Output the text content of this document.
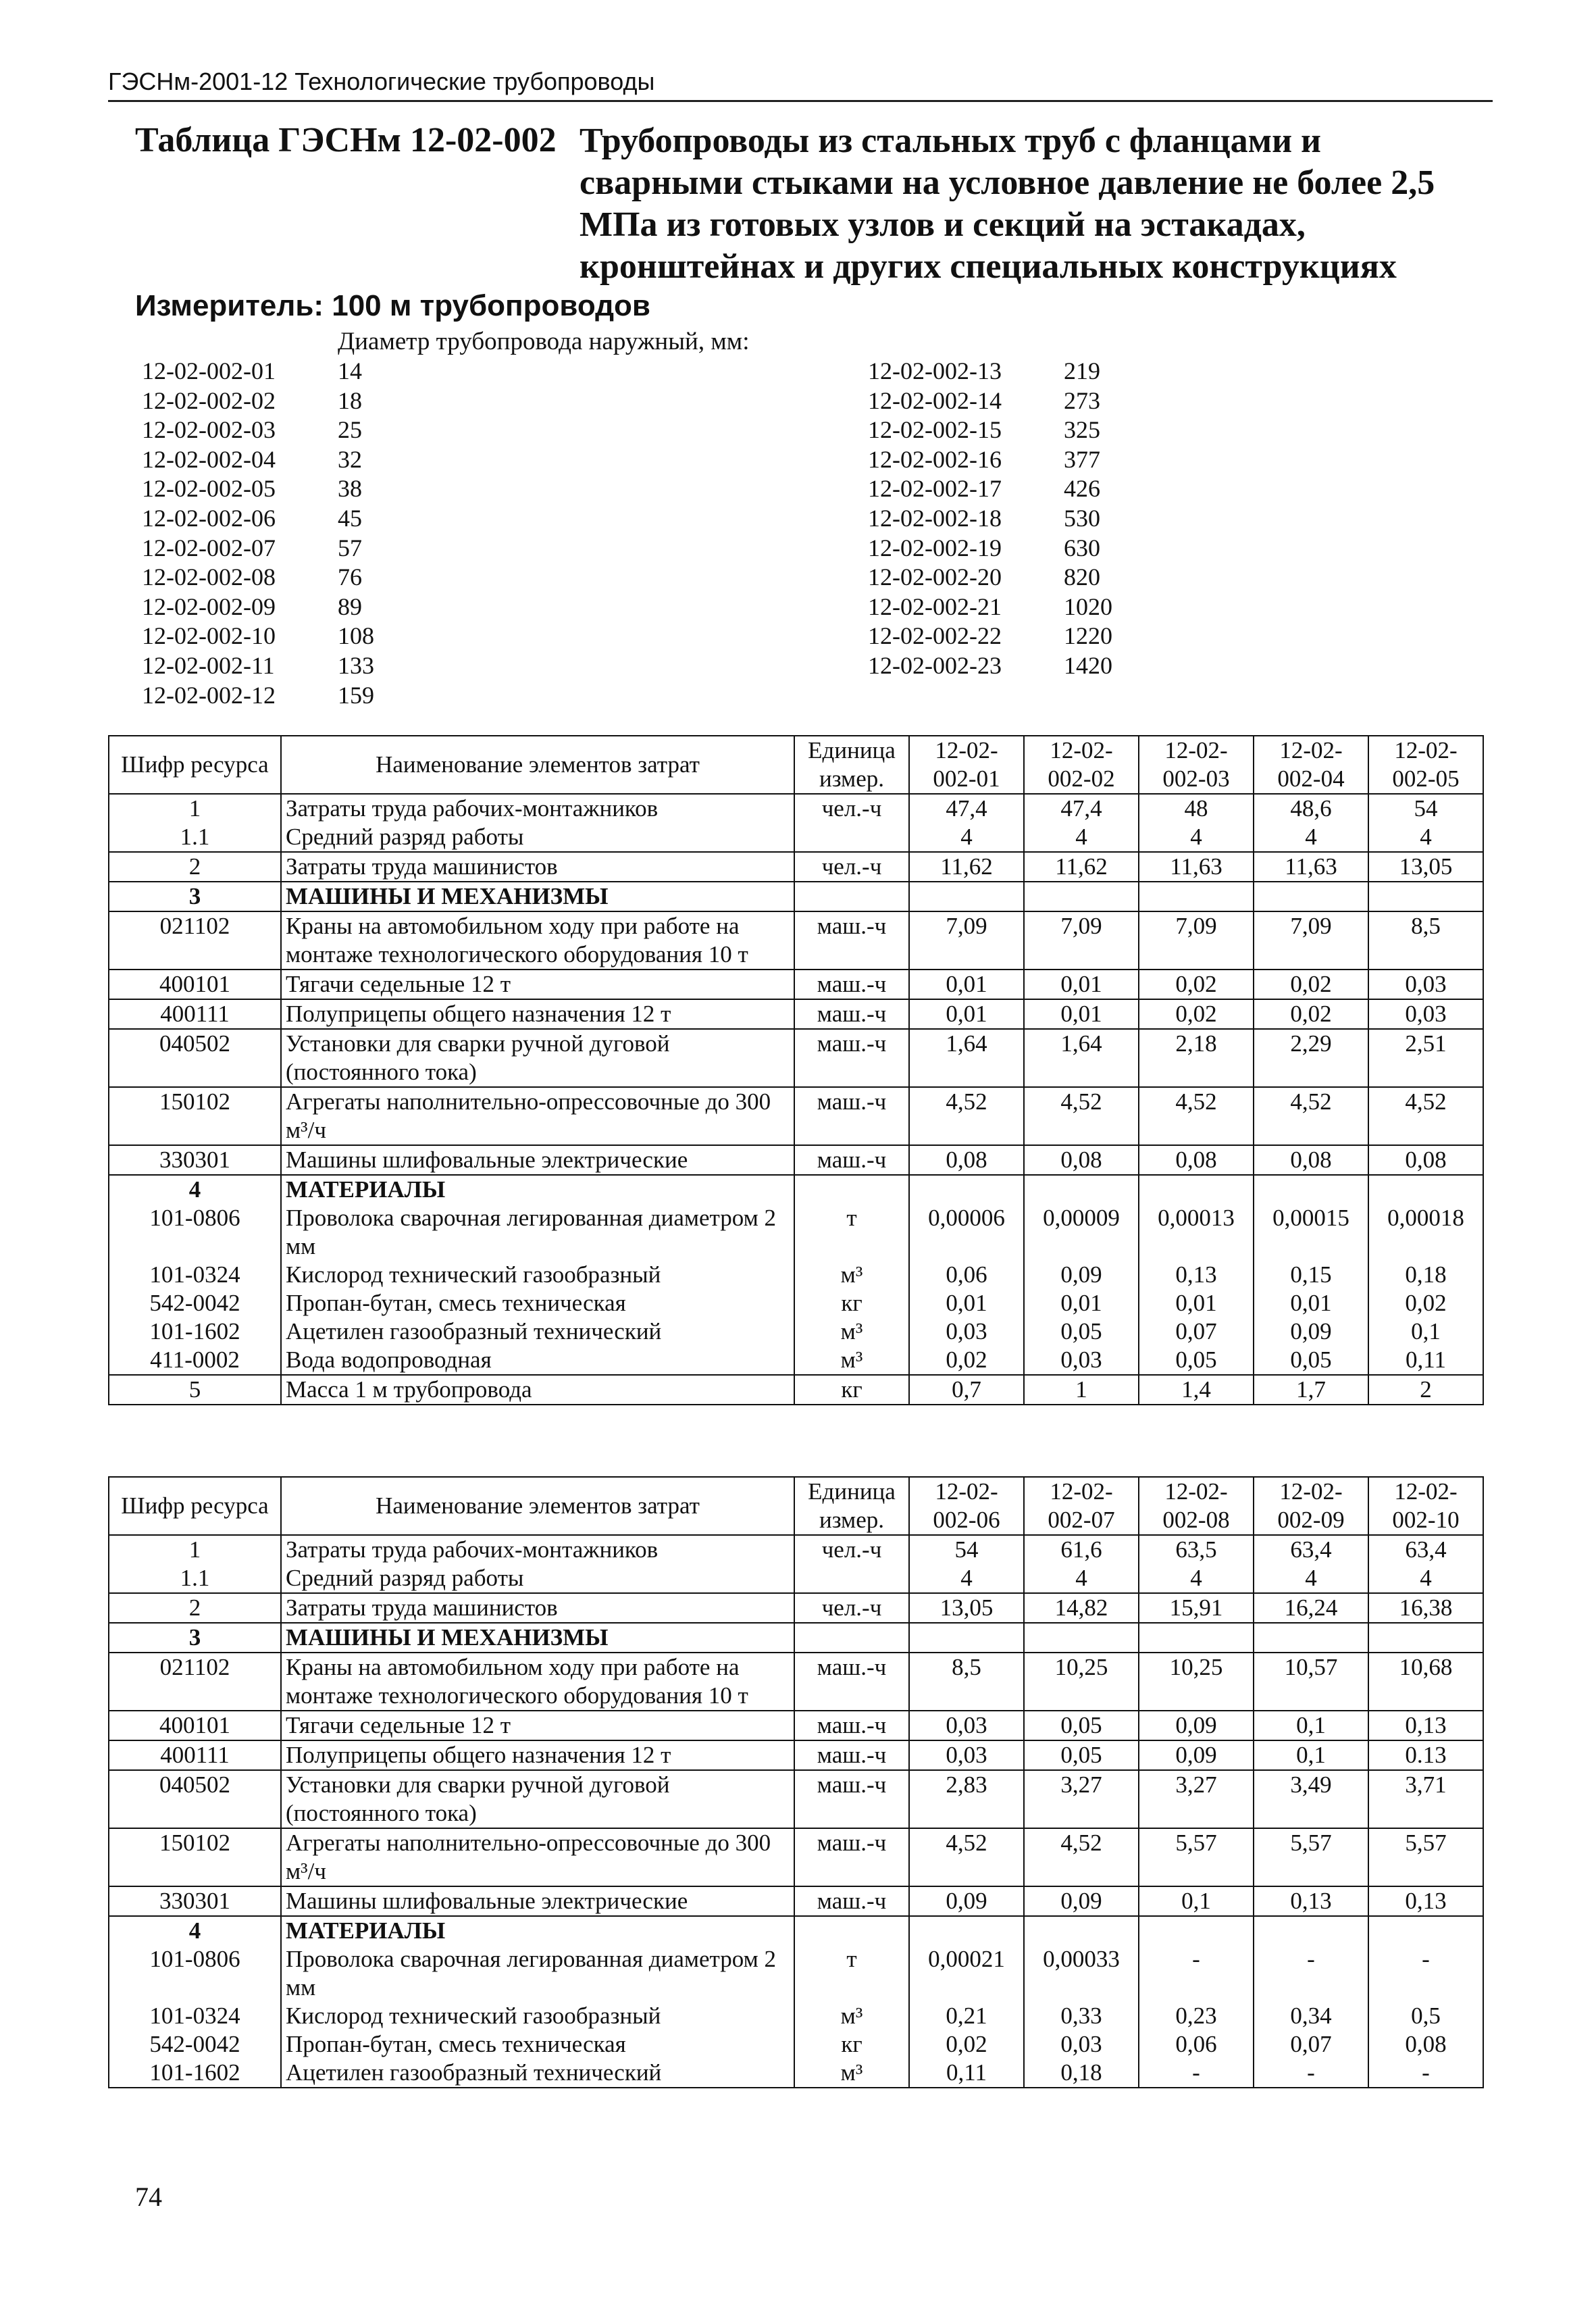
ГЭСНм-2001-12 Технологические трубопроводы
Таблица ГЭСНм 12-02-002 Трубопроводы из стальных труб с фланцами и сварными стыками на условное давление не более 2,5 МПа из готовых узлов и секций на эстакадах, кронштейнах и других специальных конструкциях
Измеритель: 100 м трубопроводов
Диаметр трубопровода наружный, мм:
12-02-002-01	14
12-02-002-02	18
12-02-002-03	25
12-02-002-04	32
12-02-002-05	38
12-02-002-06	45
12-02-002-07	57
12-02-002-08	76
12-02-002-09	89
12-02-002-10	108
12-02-002-11	133
12-02-002-12	159
12-02-002-13	219
12-02-002-14	273
12-02-002-15	325
12-02-002-16	377
12-02-002-17	426
12-02-002-18	530
12-02-002-19	630
12-02-002-20	820
12-02-002-21	1020
12-02-002-22	1220
12-02-002-23	1420
Шифр ресурса	Наименование элементов затрат	Единица измер.	12-02-002-01	12-02-002-02	12-02-002-03	12-02-002-04	12-02-002-05
1	Затраты труда рабочих-монтажников	чел.-ч	47,4	47,4	48	48,6	54
1.1	Средний разряд работы		4	4	4	4	4
2	Затраты труда машинистов	чел.-ч	11,62	11,62	11,63	11,63	13,05
3	МАШИНЫ И МЕХАНИЗМЫ						
021102	Краны на автомобильном ходу при работе на монтаже технологического оборудования 10 т	маш.-ч	7,09	7,09	7,09	7,09	8,5
400101	Тягачи седельные 12 т	маш.-ч	0,01	0,01	0,02	0,02	0,03
400111	Полуприцепы общего назначения 12 т	маш.-ч	0,01	0,01	0,02	0,02	0,03
040502	Установки для сварки ручной дуговой (постоянного тока)	маш.-ч	1,64	1,64	2,18	2,29	2,51
150102	Агрегаты наполнительно-опрессовочные до 300 м³/ч	маш.-ч	4,52	4,52	4,52	4,52	4,52
330301	Машины шлифовальные электрические	маш.-ч	0,08	0,08	0,08	0,08	0,08
4	МАТЕРИАЛЫ						
101-0806	Проволока сварочная легированная диаметром 2 мм	т	0,00006	0,00009	0,00013	0,00015	0,00018
101-0324	Кислород технический газообразный	м³	0,06	0,09	0,13	0,15	0,18
542-0042	Пропан-бутан, смесь техническая	кг	0,01	0,01	0,01	0,01	0,02
101-1602	Ацетилен газообразный технический	м³	0,03	0,05	0,07	0,09	0,1
411-0002	Вода водопроводная	м³	0,02	0,03	0,05	0,05	0,11
5	Масса 1 м трубопровода	кг	0,7	1	1,4	1,7	2
Шифр ресурса	Наименование элементов затрат	Единица измер.	12-02-002-06	12-02-002-07	12-02-002-08	12-02-002-09	12-02-002-10
1	Затраты труда рабочих-монтажников	чел.-ч	54	61,6	63,5	63,4	63,4
1.1	Средний разряд работы		4	4	4	4	4
2	Затраты труда машинистов	чел.-ч	13,05	14,82	15,91	16,24	16,38
3	МАШИНЫ И МЕХАНИЗМЫ						
021102	Краны на автомобильном ходу при работе на монтаже технологического оборудования 10 т	маш.-ч	8,5	10,25	10,25	10,57	10,68
400101	Тягачи седельные 12 т	маш.-ч	0,03	0,05	0,09	0,1	0,13
400111	Полуприцепы общего назначения 12 т	маш.-ч	0,03	0,05	0,09	0,1	0.13
040502	Установки для сварки ручной дуговой (постоянного тока)	маш.-ч	2,83	3,27	3,27	3,49	3,71
150102	Агрегаты наполнительно-опрессовочные до 300 м³/ч	маш.-ч	4,52	4,52	5,57	5,57	5,57
330301	Машины шлифовальные электрические	маш.-ч	0,09	0,09	0,1	0,13	0,13
4	МАТЕРИАЛЫ						
101-0806	Проволока сварочная легированная диаметром 2 мм	т	0,00021	0,00033	-	-	-
101-0324	Кислород технический газообразный	м³	0,21	0,33	0,23	0,34	0,5
542-0042	Пропан-бутан, смесь техническая	кг	0,02	0,03	0,06	0,07	0,08
101-1602	Ацетилен газообразный технический	м³	0,11	0,18	-	-	-
74
